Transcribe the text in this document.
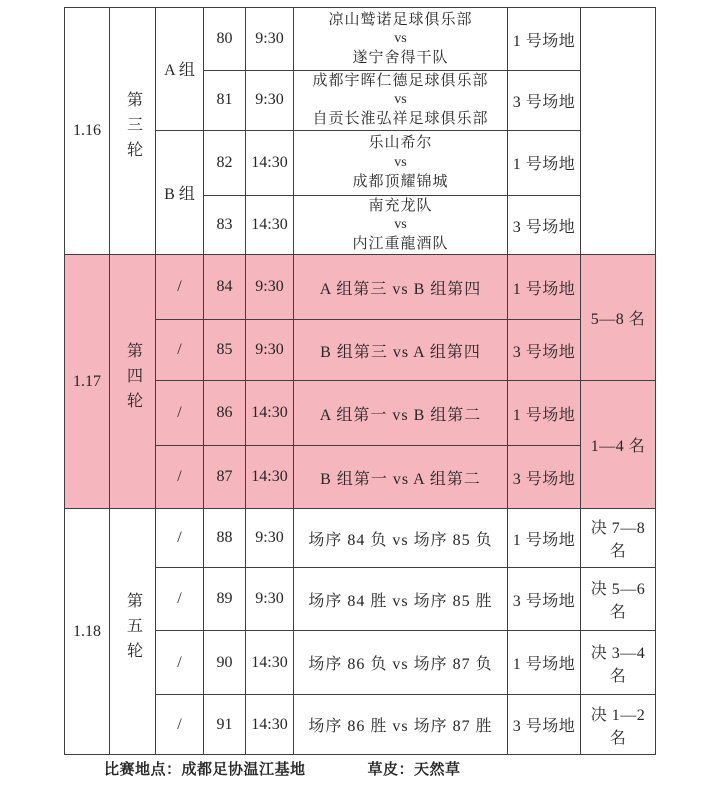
1.16	第三轮	A 组	80	9:30	凉山鹫诺足球俱乐部
vs
遂宁舍得干队	1 号场地	
			81	9:30	成都宇晖仁德足球俱乐部
vs
自贡长淮弘祥足球俱乐部	3 号场地	
		B 组	82	14:30	乐山希尔
vs
成都顶耀锦城	1 号场地	
			83	14:30	南充龙队
vs
内江重龍酒队	3 号场地	
1.17	第四轮	/	84	9:30	A 组第三 vs B 组第四	1 号场地	5—8 名
		/	85	9:30	B 组第三 vs A 组第四	3 号场地	
		/	86	14:30	A 组第一 vs B 组第二	1 号场地	1—4 名
		/	87	14:30	B 组第一 vs A 组第二	3 号场地	
1.18	第五轮	/	88	9:30	场序 84 负 vs 场序 85 负	1 号场地	决 7—8 名
		/	89	9:30	场序 84 胜 vs 场序 85 胜	3 号场地	决 5—6 名
		/	90	14:30	场序 86 负 vs 场序 87 负	1 号场地	决 3—4 名
		/	91	14:30	场序 86 胜 vs 场序 87 胜	3 号场地	决 1—2 名
比赛地点：成都足协温江基地	草皮：天然草
